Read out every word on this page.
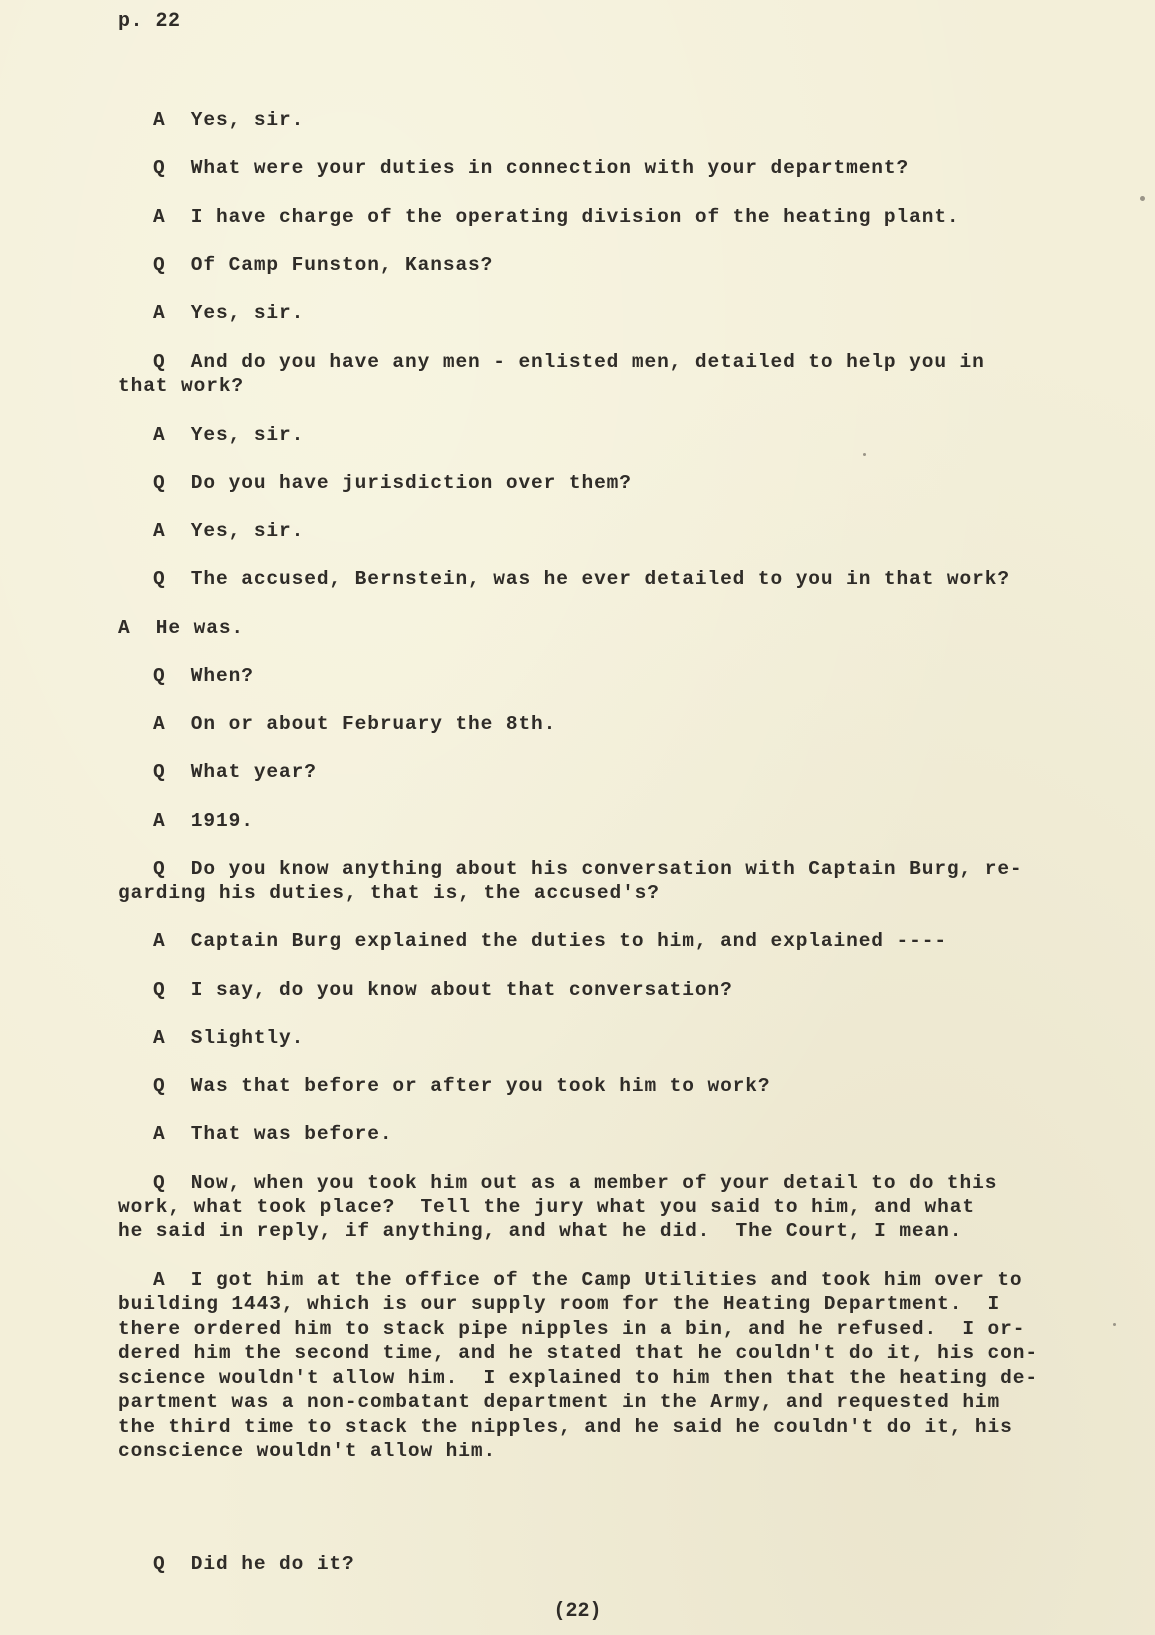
p. 22
A  Yes, sir.
Q  What were your duties in connection with your department?
A  I have charge of the operating division of the heating plant.
Q  Of Camp Funston, Kansas?
A  Yes, sir.
Q  And do you have any men - enlisted men, detailed to help you in
that work?
A  Yes, sir.
Q  Do you have jurisdiction over them?
A  Yes, sir.
Q  The accused, Bernstein, was he ever detailed to you in that work?
A  He was.
Q  When?
A  On or about February the 8th.
Q  What year?
A  1919.
Q  Do you know anything about his conversation with Captain Burg, re-
garding his duties, that is, the accused's?
A  Captain Burg explained the duties to him, and explained ----
Q  I say, do you know about that conversation?
A  Slightly.
Q  Was that before or after you took him to work?
A  That was before.
Q  Now, when you took him out as a member of your detail to do this
work, what took place?  Tell the jury what you said to him, and what
he said in reply, if anything, and what he did.  The Court, I mean.
A  I got him at the office of the Camp Utilities and took him over to
building 1443, which is our supply room for the Heating Department.  I
there ordered him to stack pipe nipples in a bin, and he refused.  I or-
dered him the second time, and he stated that he couldn't do it, his con-
science wouldn't allow him.  I explained to him then that the heating de-
partment was a non-combatant department in the Army, and requested him
the third time to stack the nipples, and he said he couldn't do it, his
conscience wouldn't allow him.
Q  Did he do it?
(22)
